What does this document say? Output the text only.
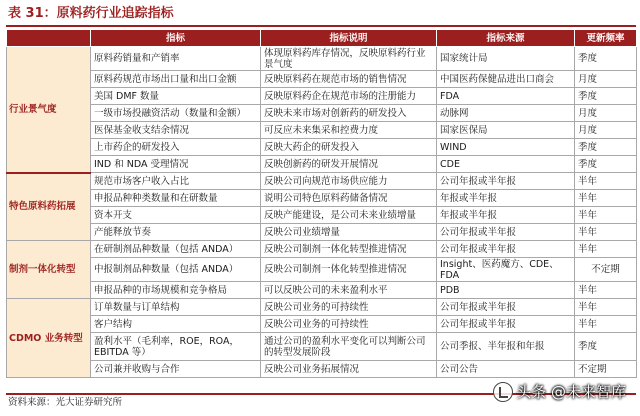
表 31：原料药行业追踪指标
	指标	指标说明	指标来源	更新频率
行业景气度	原料药销量和产销率	体现原料药库存情况，反映原料药行业景气度	国家统计局	季度
	原料药规范市场出口量和出口金额	反映原料药在规范市场的销售情况	中国医药保健品进出口商会	月度
	美国 DMF 数量	反映原料药企在规范市场的注册能力	FDA	季度
	一级市场投融资活动（数量和金额）	反映未来市场对创新药的研发投入	动脉网	月度
	医保基金收支结余情况	可反应未来集采和控费力度	国家医保局	月度
	上市药企的研发投入	反映大药企的研发投入	WIND	季度
	IND 和 NDA 受理情况	反映创新药的研发开展情况	CDE	季度
特色原料药拓展	规范市场客户收入占比	反映公司向规范市场供应能力	公司年报或半年报	半年
	申报品种种类数量和在研数量	说明公司特色原料药储备情况	年报或半年报	半年
	资本开支	反映产能建设，是公司未来业绩增量	年报或半年报	半年
	产能释放节奏	反映公司业绩增量	公司年报或半年报	半年
制剂一体化转型	在研制剂品种数量（包括 ANDA）	反映公司制剂一体化转型推进情况	公司年报或半年报	半年
	中报制剂品种数量（包括 ANDA）	反映公司制剂一体化转型推进情况	Insight、医药魔方、CDE、FDA	不定期
	申报品种的市场规模和竞争格局	可以反映公司的未来盈利水平	PDB	半年
CDMO 业务转型	订单数量与订单结构	反映公司业务的可持续性	公司年报或半年报	半年
	客户结构	反映公司业务的可持续性	公司年报或半年报	半年
	盈利水平（毛利率，ROE，ROA，EBITDA 等）	通过公司的盈利水平变化可以判断公司的转型发展阶段	公司季报、半年报和年报	季度
	公司兼并收购与合作	反映公司业务拓展情况	公司公告	不定期
资料来源：光大证券研究所
头条 @未来智库
